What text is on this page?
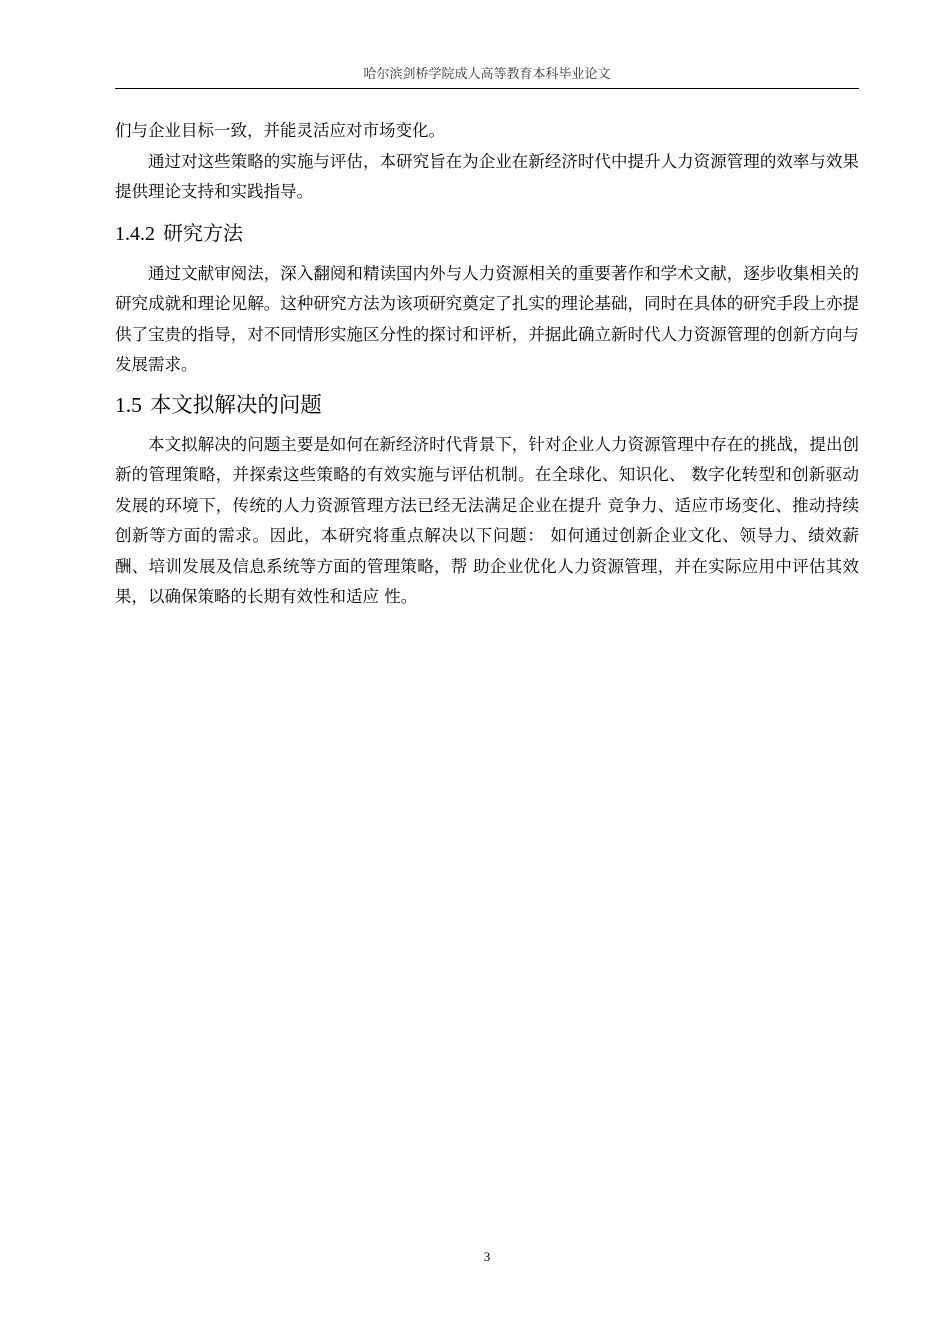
哈尔滨剑桥学院成人高等教育本科毕业论文

们与企业目标一致，并能灵活应对市场变化。

通过对这些策略的实施与评估，本研究旨在为企业在新经济时代中提升人力资源管理的效率与效果提供理论支持和实践指导。

1.4.2 研究方法

通过文献审阅法，深入翻阅和精读国内外与人力资源相关的重要著作和学术文献，逐步收集相关的研究成就和理论见解。这种研究方法为该项研究奠定了扎实的理论基础，同时在具体的研究手段上亦提供了宝贵的指导，对不同情形实施区分性的探讨和评析，并据此确立新时代人力资源管理的创新方向与发展需求。

1.5 本文拟解决的问题

本文拟解决的问题主要是如何在新经济时代背景下，针对企业人力资源管理中存在的挑战，提出创新的管理策略，并探索这些策略的有效实施与评估机制。在全球化、知识化、 数字化转型和创新驱动发展的环境下，传统的人力资源管理方法已经无法满足企业在提升 竞争力、适应市场变化、推动持续创新等方面的需求。因此，本研究将重点解决以下问题： 如何通过创新企业文化、领导力、绩效薪酬、培训发展及信息系统等方面的管理策略，帮 助企业优化人力资源管理，并在实际应用中评估其效果，以确保策略的长期有效性和适应 性。

3
